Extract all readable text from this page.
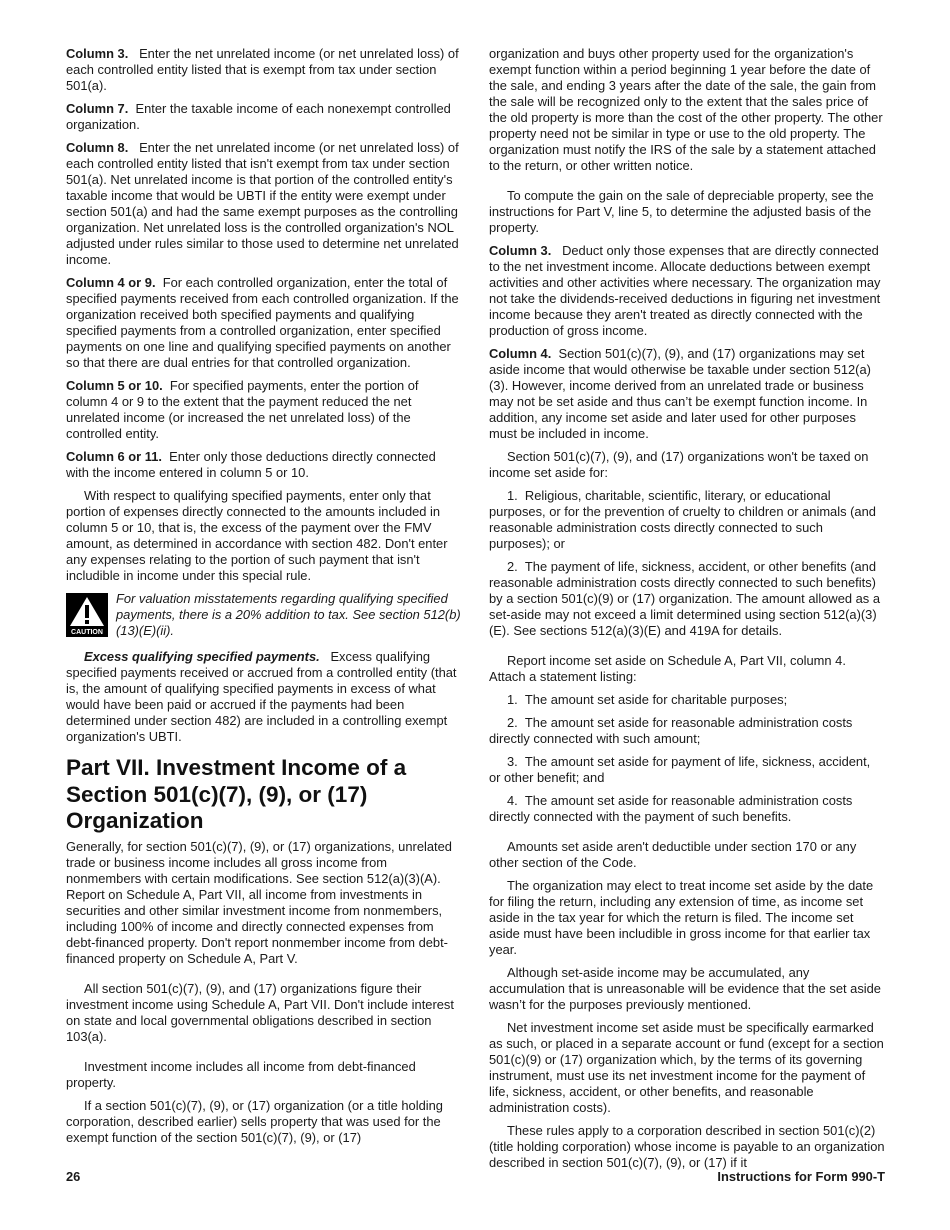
Column 3. Enter the net unrelated income (or net unrelated loss) of each controlled entity listed that is exempt from tax under section 501(a).

Column 7. Enter the taxable income of each nonexempt controlled organization.

Column 8. Enter the net unrelated income (or net unrelated loss) of each controlled entity listed that isn't exempt from tax under section 501(a). Net unrelated income is that portion of the controlled entity's taxable income that would be UBTI if the entity were exempt under section 501(a) and had the same exempt purposes as the controlling organization. Net unrelated loss is the controlled organization's NOL adjusted under rules similar to those used to determine net unrelated income.

Column 4 or 9. For each controlled organization, enter the total of specified payments received from each controlled organization. If the organization received both specified payments and qualifying specified payments from a controlled organization, enter specified payments on one line and qualifying specified payments on another so that there are dual entries for that controlled organization.

Column 5 or 10. For specified payments, enter the portion of column 4 or 9 to the extent that the payment reduced the net unrelated income (or increased the net unrelated loss) of the controlled entity.

Column 6 or 11. Enter only those deductions directly connected with the income entered in column 5 or 10.

With respect to qualifying specified payments, enter only that portion of expenses directly connected to the amounts included in column 5 or 10, that is, the excess of the payment over the FMV amount, as determined in accordance with section 482. Don't enter any expenses relating to the portion of such payment that isn't includible in income under this special rule.

CAUTION
For valuation misstatements regarding qualifying specified payments, there is a 20% addition to tax. See section 512(b)(13)(E)(ii).

Excess qualifying specified payments. Excess qualifying specified payments received or accrued from a controlled entity (that is, the amount of qualifying specified payments in excess of what would have been paid or accrued if the payments had been determined under section 482) are included in a controlling exempt organization's UBTI.

Part VII. Investment Income of a Section 501(c)(7), (9), or (17) Organization

Generally, for section 501(c)(7), (9), or (17) organizations, unrelated trade or business income includes all gross income from nonmembers with certain modifications. See section 512(a)(3)(A). Report on Schedule A, Part VII, all income from investments in securities and other similar investment income from nonmembers, including 100% of income and directly connected expenses from debt-financed property. Don't report nonmember income from debt-financed property on Schedule A, Part V.

All section 501(c)(7), (9), and (17) organizations figure their investment income using Schedule A, Part VII. Don't include interest on state and local governmental obligations described in section 103(a).

Investment income includes all income from debt-financed property.

If a section 501(c)(7), (9), or (17) organization (or a title holding corporation, described earlier) sells property that was used for the exempt function of the section 501(c)(7), (9), or (17)

organization and buys other property used for the organization's exempt function within a period beginning 1 year before the date of the sale, and ending 3 years after the date of the sale, the gain from the sale will be recognized only to the extent that the sales price of the old property is more than the cost of the other property. The other property need not be similar in type or use to the old property. The organization must notify the IRS of the sale by a statement attached to the return, or other written notice.

To compute the gain on the sale of depreciable property, see the instructions for Part V, line 5, to determine the adjusted basis of the property.

Column 3. Deduct only those expenses that are directly connected to the net investment income. Allocate deductions between exempt activities and other activities where necessary. The organization may not take the dividends-received deductions in figuring net investment income because they aren't treated as directly connected with the production of gross income.

Column 4. Section 501(c)(7), (9), and (17) organizations may set aside income that would otherwise be taxable under section 512(a)(3). However, income derived from an unrelated trade or business may not be set aside and thus can’t be exempt function income. In addition, any income set aside and later used for other purposes must be included in income.

Section 501(c)(7), (9), and (17) organizations won't be taxed on income set aside for:

1.  Religious, charitable, scientific, literary, or educational purposes, or for the prevention of cruelty to children or animals (and reasonable administration costs directly connected to such purposes); or

2.  The payment of life, sickness, accident, or other benefits (and reasonable administration costs directly connected to such benefits) by a section 501(c)(9) or (17) organization. The amount allowed as a set-aside may not exceed a limit determined using section 512(a)(3)(E). See sections 512(a)(3)(E) and 419A for details.

Report income set aside on Schedule A, Part VII, column 4. Attach a statement listing:

1.  The amount set aside for charitable purposes;

2.  The amount set aside for reasonable administration costs directly connected with such amount;

3.  The amount set aside for payment of life, sickness, accident, or other benefit; and

4.  The amount set aside for reasonable administration costs directly connected with the payment of such benefits.

Amounts set aside aren't deductible under section 170 or any other section of the Code.

The organization may elect to treat income set aside by the date for filing the return, including any extension of time, as income set aside in the tax year for which the return is filed. The income set aside must have been includible in gross income for that earlier tax year.

Although set-aside income may be accumulated, any accumulation that is unreasonable will be evidence that the set aside wasn’t for the purposes previously mentioned.

Net investment income set aside must be specifically earmarked as such, or placed in a separate account or fund (except for a section 501(c)(9) or (17) organization which, by the terms of its governing instrument, must use its net investment income for the payment of life, sickness, accident, or other benefits, and reasonable administration costs).

These rules apply to a corporation described in section 501(c)(2) (title holding corporation) whose income is payable to an organization described in section 501(c)(7), (9), or (17) if it

26	Instructions for Form 990-T
